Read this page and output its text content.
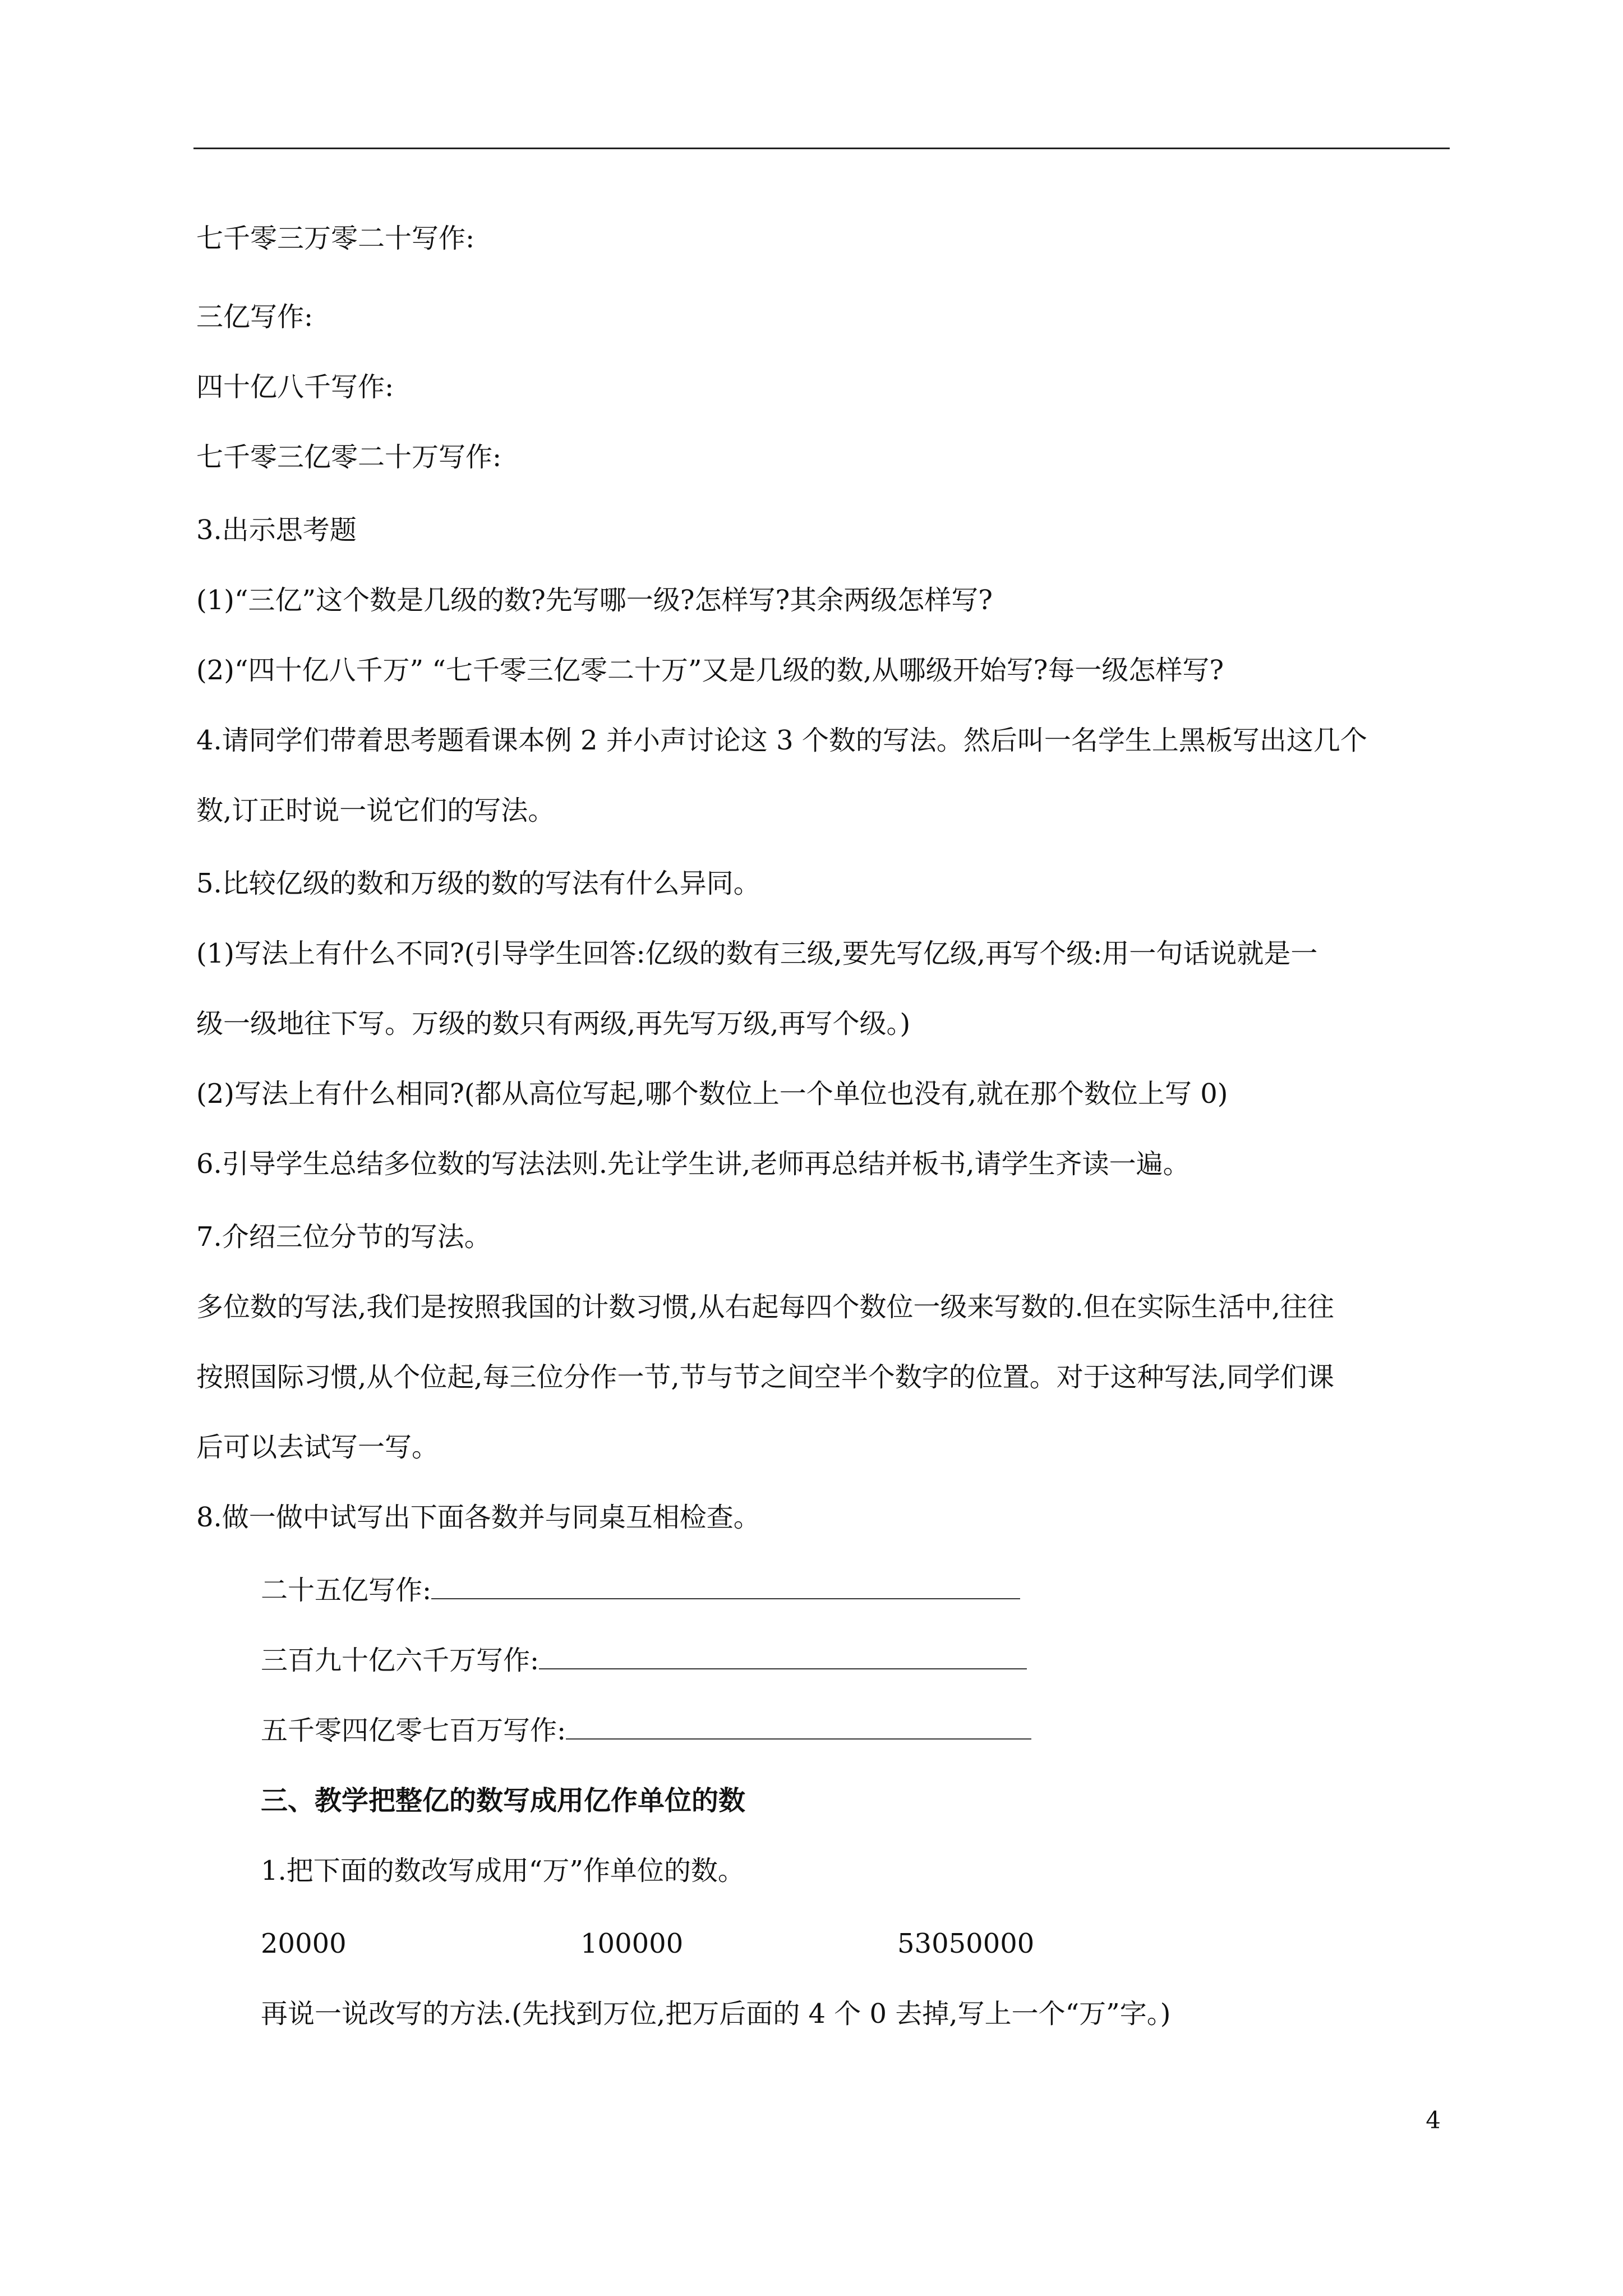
七千零三万零二十写作:
三亿写作:
四十亿八千写作:
七千零三亿零二十万写作:
3.出示思考题
(1)“三亿”这个数是几级的数?先写哪一级?怎样写?其余两级怎样写?
(2)“四十亿八千万” “七千零三亿零二十万”又是几级的数,从哪级开始写?每一级怎样写?
4.请同学们带着思考题看课本例 2 并小声讨论这 3 个数的写法。然后叫一名学生上黑板写出这几个
数,订正时说一说它们的写法。
5.比较亿级的数和万级的数的写法有什么异同。
(1)写法上有什么不同?(引导学生回答:亿级的数有三级,要先写亿级,再写个级:用一句话说就是一
级一级地往下写。万级的数只有两级,再先写万级,再写个级。)
(2)写法上有什么相同?(都从高位写起,哪个数位上一个单位也没有,就在那个数位上写 0)
6.引导学生总结多位数的写法法则.先让学生讲,老师再总结并板书,请学生齐读一遍。
7.介绍三位分节的写法。
多位数的写法,我们是按照我国的计数习惯,从右起每四个数位一级来写数的.但在实际生活中,往往
按照国际习惯,从个位起,每三位分作一节,节与节之间空半个数字的位置。对于这种写法,同学们课
后可以去试写一写。
8.做一做中试写出下面各数并与同桌互相检查。
二十五亿写作:
三百九十亿六千万写作:
五千零四亿零七百万写作:
三、教学把整亿的数写成用亿作单位的数
1.把下面的数改写成用“万”作单位的数。
20000	100000	53050000
再说一说改写的方法.(先找到万位,把万后面的 4 个 0 去掉,写上一个“万”字。)
4
